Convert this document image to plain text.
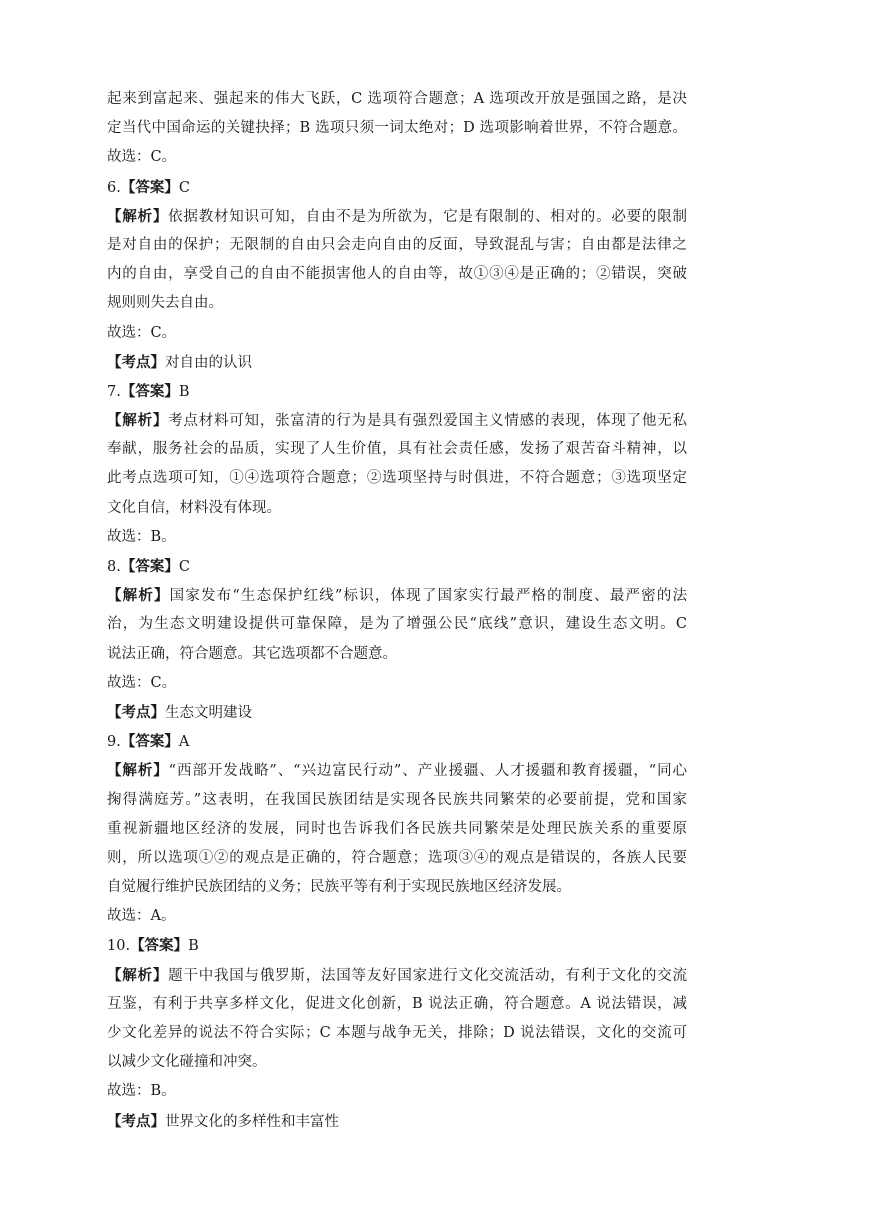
起来到富起来、强起来的伟大飞跃，C 选项符合题意；A 选项改开放是强国之路，是决
定当代中国命运的关键抉择；B 选项只须一词太绝对；D 选项影响着世界，不符合题意。
故选：C。
6.【答案】C
【解析】依据教材知识可知，自由不是为所欲为，它是有限制的、相对的。必要的限制
是对自由的保护；无限制的自由只会走向自由的反面，导致混乱与害；自由都是法律之
内的自由，享受自己的自由不能损害他人的自由等，故①③④是正确的；②错误，突破
规则则失去自由。
故选：C。
【考点】对自由的认识
7.【答案】B
【解析】考点材料可知，张富清的行为是具有强烈爱国主义情感的表现，体现了他无私
奉献，服务社会的品质，实现了人生价值，具有社会责任感，发扬了艰苦奋斗精神，以
此考点选项可知，①④选项符合题意；②选项坚持与时俱进，不符合题意；③选项坚定
文化自信，材料没有体现。
故选：B。
8.【答案】C
【解析】国家发布“生态保护红线”标识，体现了国家实行最严格的制度、最严密的法
治，为生态文明建设提供可靠保障，是为了增强公民“底线”意识，建设生态文明。C
说法正确，符合题意。其它选项都不合题意。
故选：C。
【考点】生态文明建设
9.【答案】A
【解析】“西部开发战略”、“兴边富民行动”、产业援疆、人才援疆和教育援疆，“同心
掬得满庭芳。”这表明，在我国民族团结是实现各民族共同繁荣的必要前提，党和国家
重视新疆地区经济的发展，同时也告诉我们各民族共同繁荣是处理民族关系的重要原
则，所以选项①②的观点是正确的，符合题意；选项③④的观点是错误的，各族人民要
自觉履行维护民族团结的义务；民族平等有利于实现民族地区经济发展。
故选：A。
10.【答案】B
【解析】题干中我国与俄罗斯，法国等友好国家进行文化交流活动，有利于文化的交流
互鉴，有利于共享多样文化，促进文化创新，B 说法正确，符合题意。A 说法错误，减
少文化差异的说法不符合实际；C 本题与战争无关，排除；D 说法错误，文化的交流可
以减少文化碰撞和冲突。
故选：B。
【考点】世界文化的多样性和丰富性
